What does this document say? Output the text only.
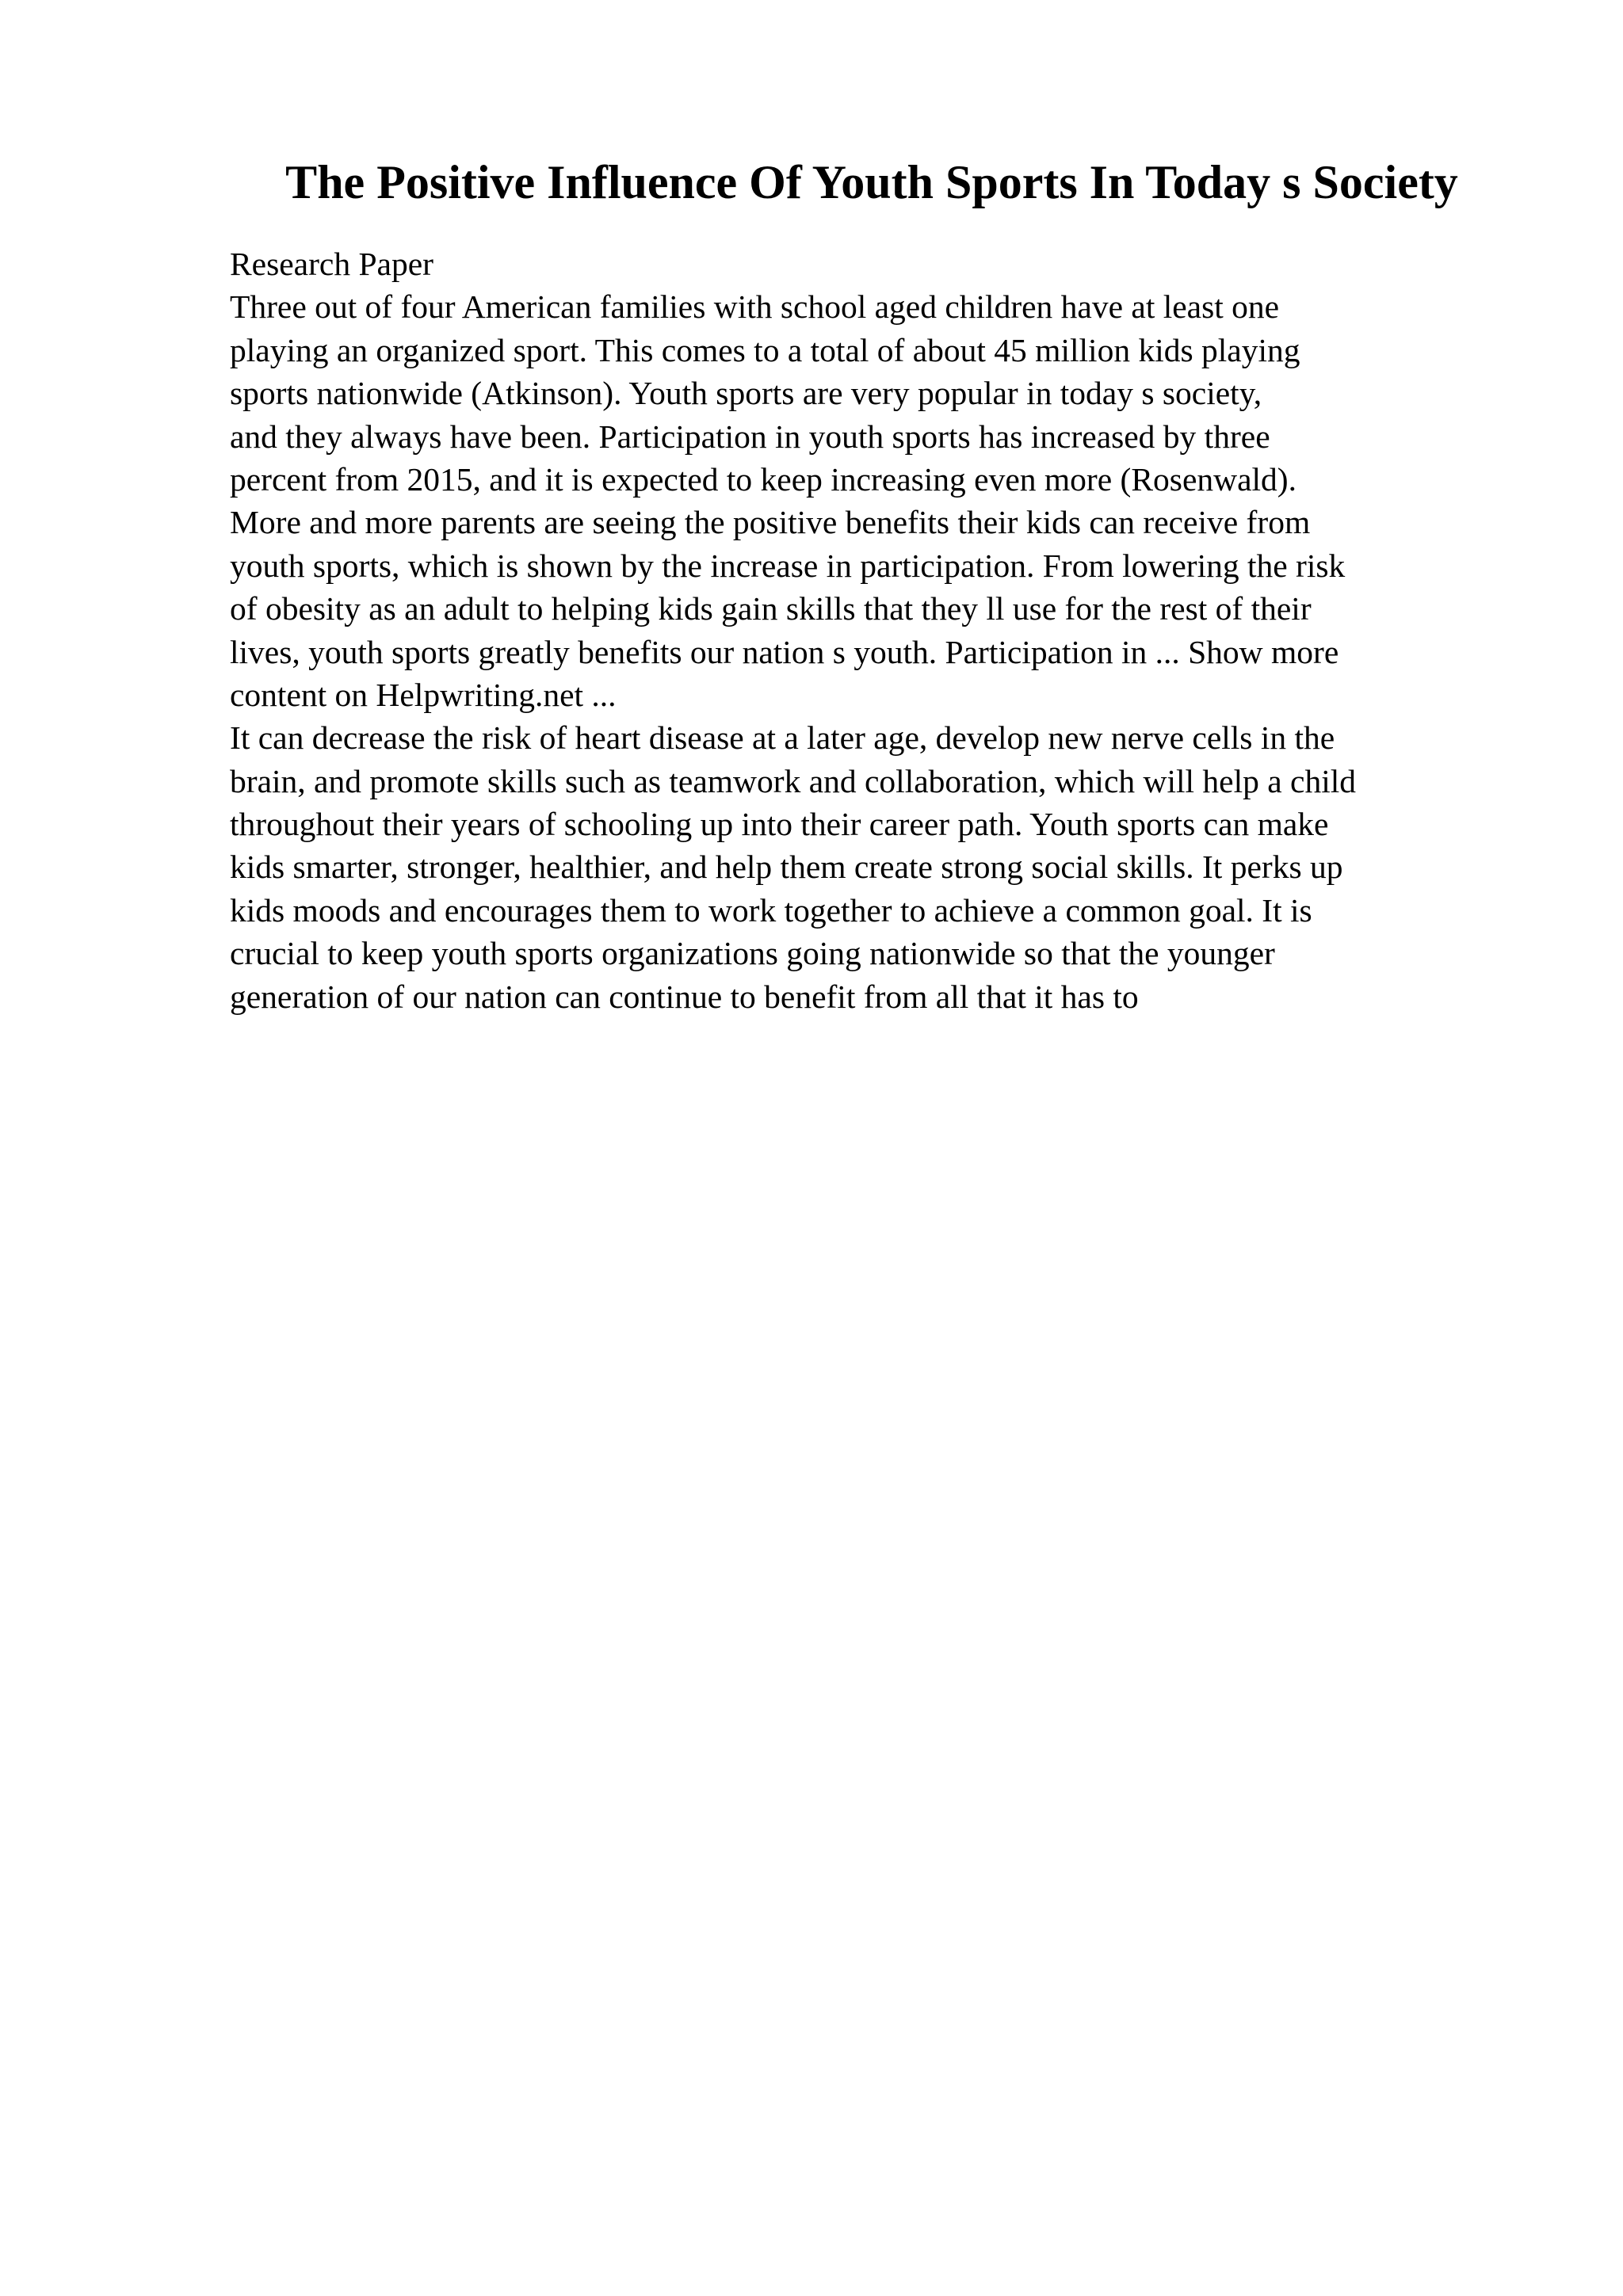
The Positive Influence Of Youth Sports In Today s Society
Research Paper
Three out of four American families with school aged children have at least one
playing an organized sport. This comes to a total of about 45 million kids playing
sports nationwide (Atkinson). Youth sports are very popular in today s society,
and they always have been. Participation in youth sports has increased by three
percent from 2015, and it is expected to keep increasing even more (Rosenwald).
More and more parents are seeing the positive benefits their kids can receive from
youth sports, which is shown by the increase in participation. From lowering the risk
of obesity as an adult to helping kids gain skills that they ll use for the rest of their
lives, youth sports greatly benefits our nation s youth. Participation in ... Show more
content on Helpwriting.net ...
It can decrease the risk of heart disease at a later age, develop new nerve cells in the
brain, and promote skills such as teamwork and collaboration, which will help a child
throughout their years of schooling up into their career path. Youth sports can make
kids smarter, stronger, healthier, and help them create strong social skills. It perks up
kids moods and encourages them to work together to achieve a common goal. It is
crucial to keep youth sports organizations going nationwide so that the younger
generation of our nation can continue to benefit from all that it has to
